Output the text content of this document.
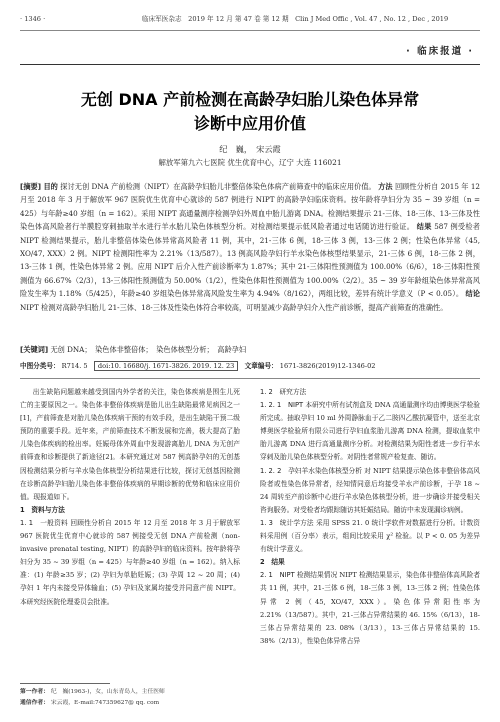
· 1346 ·	临床军医杂志　2019 年 12 月 第 47 卷 第 12 期　Clin J Med Offic , Vol. 47 , No. 12 , Dec , 2019
· 临床报道 ·
无创 DNA 产前检测在高龄孕妇胎儿染色体异常
诊断中应用价值
纪　巍，　宋云霞
解放军第九六七医院 优生优育中心，辽宁 大连 116021
[摘要] 目的 探讨无创 DNA 产前检测（NIPT）在高龄孕妇胎儿非整倍体染色体病产前筛查中的临床应用价值。 方法 回顾性分析自 2015 年 12 月至 2018 年 3 月于解放军 967 医院优生优育中心就诊的 587 例进行 NIPT 的高龄孕妇临床资料。按年龄将孕妇分为 35 ~ 39 岁组（n = 425）与年龄≥40 岁组（n = 162）。采用 NIPT 高通量测序检测孕妇外周血中胎儿游离 DNA。检测结果提示 21-三体、18-三体、13-三体及性染色体高风险者行羊膜腔穿刺抽取羊水进行羊水胎儿染色体核型分析。对检测结果提示低风险者通过电话随访进行验证。 结果 587 例受检者 NIPT 检测结果提示，胎儿非整倍体染色体异常高风险者 11 例，其中，21-三体 6 例，18-三体 3 例，13-三体 2 例；性染色体异常（45, XO/47, XXX）2 例。NIPT 检测阳性率为 2.21%（13/587）。13 例高风险孕妇行羊水染色体核型结果显示，21-三体 6 例，18-三体 2 例，13-三体 1 例，性染色体异常 2 例。应用 NIPT 后介入性产前诊断率为 1.87%；其中 21-三体阳性预测值为 100.00%（6/6），18-三体阳性预测值为 66.67%（2/3），13-三体阳性预测值为 50.00%（1/2），性染色体阳性预测值为 100.00%（2/2）。35 ~ 39 岁年龄组染色体异常高风险发生率为 1.18%（5/425），年龄≥40 岁组染色体异常高风险发生率为 4.94%（8/162），两组比较，差异有统计学意义（P < 0.05）。 结论 NIPT 检测对高龄孕妇胎儿 21-三体、18-三体及性染色体符合率较高，可明显减少高龄孕妇介入性产前诊断，提高产前筛查的准确性。
[关键词] 无创 DNA；　染色体非整倍体；　染色体核型分析；　高龄孕妇
中图分类号： R714. 5 doi:10. 16680/j. 1671-3826. 2019. 12. 23 文章编号： 1671-3826(2019)12-1346-02

出生缺陷问题越来越受到国内外学者的关注，染色体疾病是围生儿死亡的主要原因之一。染色体非整倍体疾病是胎儿出生缺陷最常见病因之一[1]，产前筛查是对胎儿染色体疾病干预的有效手段，是出生缺陷干预二级预防的重要手段。近年来，产前筛查技术不断发展和完善，极大提高了胎儿染色体疾病的检出率。妊娠母体外周血中发现游离胎儿 DNA 为无创产前筛查和诊断提供了新途径[2]。本研究通过对 587 例高龄孕妇的无创基因检测结果分析与羊水染色体核型分析结果进行比较，探讨无创基因检测在诊断高龄孕妇胎儿染色体非整倍体疾病的早期诊断的优势和临床应用价值。现报道如下。

1　资料与方法

1. 1　一般资料 回顾性分析自 2015 年 12 月至 2018 年 3 月于解放军 967 医院优生优育中心就诊的 587 例接受无创 DNA 产前检测（non-invasive prenatal testing, NIPT）的高龄孕妇的临床资料。按年龄将孕妇分为 35 ~ 39 岁组（n = 425）与年龄≥40 岁组（n = 162）。纳入标准：(1) 年龄≥35 岁；(2) 孕妇为单胎妊娠；(3) 孕周 12 ~ 20 周；(4) 孕妇 1 年内未接受异体输血；(5) 孕妇及家属均接受并同意产前 NIPT。本研究经医院伦理委员会批准。

1. 2　研究方法

1. 2. 1　NIPT 本研究中所有试剂盒及 DNA 高通量测序均由博奥医学检验所完成。抽取孕妇 10 ml 外周静脉血于乙二胺四乙酸抗凝管中，送至北京博奥医学检验所有限公司进行孕妇血浆胎儿游离 DNA 检测，提取血浆中胎儿游离 DNA 进行高通量测序分析。对检测结果为阳性者进一步行羊水穿刺及胎儿染色体核型分析。对阴性者常规产检复查、随访。

1. 2. 2　孕妇羊水染色体核型分析 对 NIPT 结果提示染色体非整倍体高风险者或性染色体异常者，经知情同意后均接受羊水产前诊断，于孕 18 ~ 24 周转至产前诊断中心进行羊水染色体核型分析，进一步确诊并接受相关咨询服务。对受检者均跟踪随访其妊娠结局。随访中未发现漏诊病例。

1. 3　统计学方法 采用 SPSS 21. 0 统计学软件对数据进行分析。计数资料采用例（百分率）表示，组间比较采用 χ² 检验。以 P < 0. 05 为差异有统计学意义。

2　结果

2. 1　NIPT 检测结果情况 NIPT 检测结果显示，染色体非整倍体高风险者共 11 例，其中，21-三体 6 例，18-三体 3 例，13-三体 2 例；性染色体异常 2 例（45, XO/47, XXX）。染色体异常阳性率为 2.21%（13/587）。其中，21-三体占异常结果的 46. 15%（6/13），18-三体占异常结果的 23. 08%（3/13），13-三体占异常结果的 15. 38%（2/13），性染色体异常占异

第一作者： 纪　巍(1963-)，女，山东青岛人，主任医师
通信作者： 宋云霞，E-mail:747359627@ qq. com
